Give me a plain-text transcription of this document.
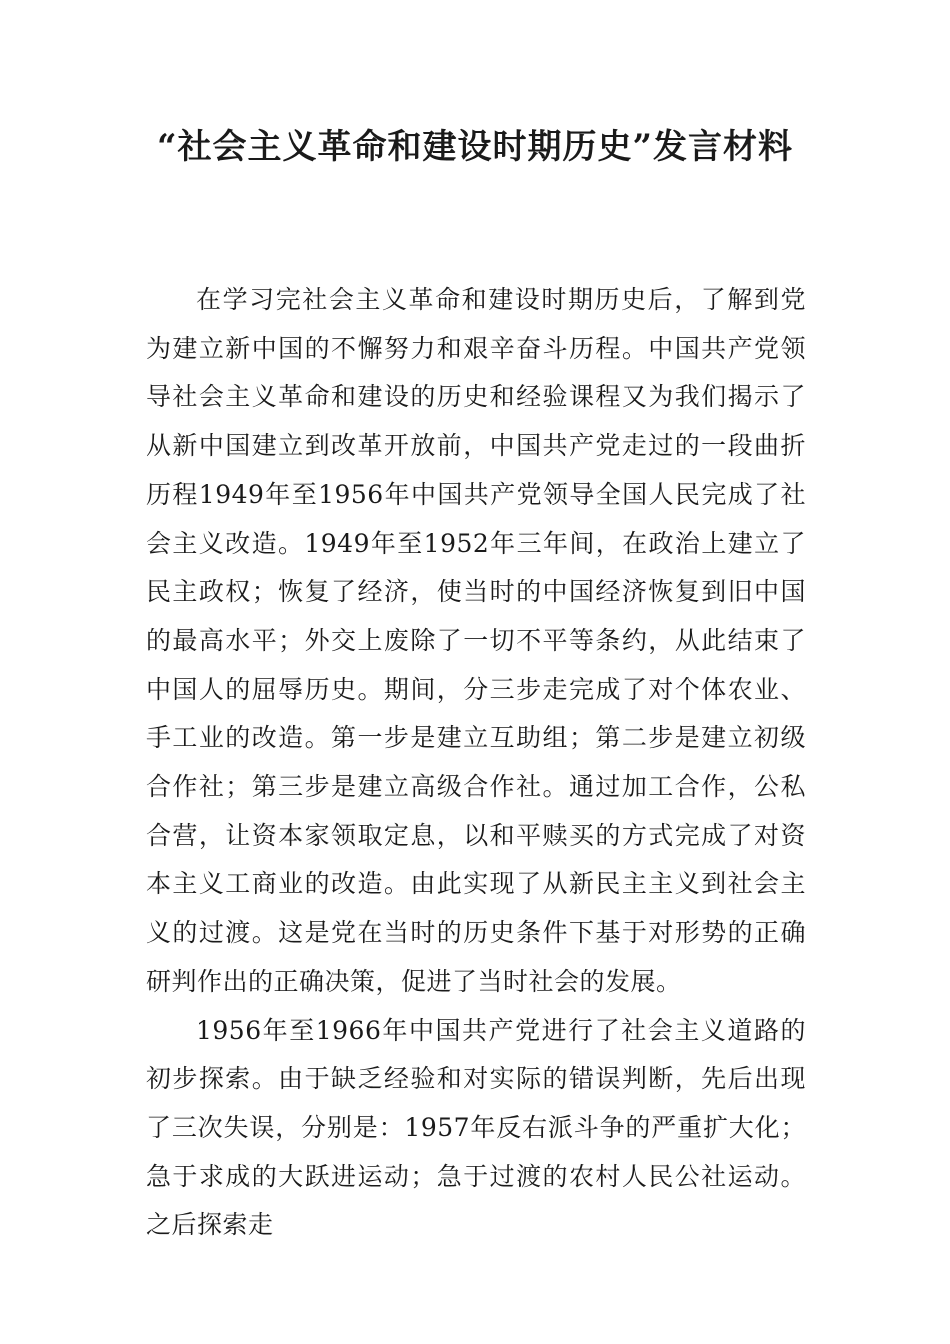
“社会主义革命和建设时期历史”发言材料

在学习完社会主义革命和建设时期历史后，了解到党为建立新中国的不懈努力和艰辛奋斗历程。中国共产党领导社会主义革命和建设的历史和经验课程又为我们揭示了从新中国建立到改革开放前，中国共产党走过的一段曲折历程1949年至1956年中国共产党领导全国人民完成了社会主义改造。1949年至1952年三年间，在政治上建立了民主政权；恢复了经济，使当时的中国经济恢复到旧中国的最高水平；外交上废除了一切不平等条约，从此结束了中国人的屈辱历史。期间，分三步走完成了对个体农业、手工业的改造。第一步是建立互助组；第二步是建立初级合作社；第三步是建立高级合作社。通过加工合作，公私合营，让资本家领取定息，以和平赎买的方式完成了对资本主义工商业的改造。由此实现了从新民主主义到社会主义的过渡。这是党在当时的历史条件下基于对形势的正确研判作出的正确决策，促进了当时社会的发展。

1956年至1966年中国共产党进行了社会主义道路的初步探索。由于缺乏经验和对实际的错误判断，先后出现了三次失误，分别是：1957年反右派斗争的严重扩大化；急于求成的大跃进运动；急于过渡的农村人民公社运动。之后探索走
